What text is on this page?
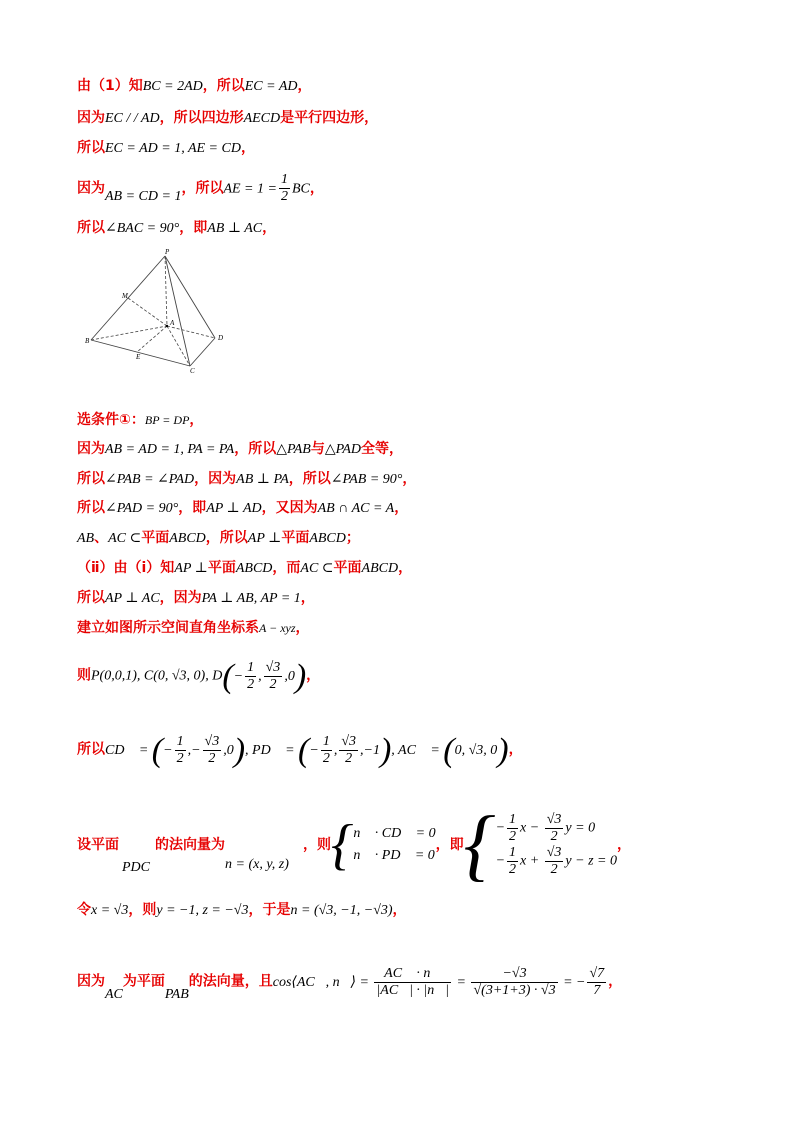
由（1）知BC = 2AD，所以EC = AD，
因为EC / / AD，所以四边形AECD是平行四边形，
所以EC = AD = 1, AE = CD，
因为AB = CD = 1，所以AE = $1 = \frac{1}{2}$ BC，
所以∠BAC = 90°，即AB ⊥ AC，
P
M
A
B
E
C
D
选条件①：BP = DP，
因为AB = AD = 1, PA = PA，所以△PAB与△PAD全等，
所以∠PAB = ∠PAD，因为AB ⊥ PA，所以∠PAB = 90°，
所以∠PAD = 90°，即AP ⊥ AD，又因为AB ∩ AC = A，
AB、AC ⊂平面ABCD，所以AP ⊥平面ABCD；
（ⅱ）由（ⅰ）知AP ⊥平面ABCD，而AC ⊂平面ABCD，
所以AP ⊥ AC，因为PA ⊥ AB, AP = 1，
建立如图所示空间直角坐标系A − xyz，
则P(0,0,1), C(0, √3, 0), $D(- \frac{1}{2}$ , $\frac{√3}{2} ,0$)，
所以CD⃗ = (− $\frac{1}{2}$ ,− $\frac{√3}{2} ,0$), PD⃗ = (− $\frac{1}{2}$ , $\frac{√3}{2} ,-1$), AC⃗ = (0, √3, 0)，
设平面	的法向量为	，则{ n⃗ · CD⃗ = 0
n⃗ · PD⃗ = 0
，即{ − $\frac{1}{2}$ $x - \frac{√3}{2}$ y = 0
− $\frac{1}{2}$ $x + \frac{√3}{2}$ y − z = 0
，
PDC	n = (x, y, z)
令x = √3，则y = −1, z = −√3，于是n = (√3, −1, −√3)，
因为AC为平面PAB的法向量，且cos⟨AC⃗, n⃗⟩ = $\frac{AC⃗ \cdot n⃗}{|AC⃗| \cdot |n⃗|} = \frac{-√3}{√(3+1+3) \cdot √3}$ = − $\frac{√7}{7}$ ，
